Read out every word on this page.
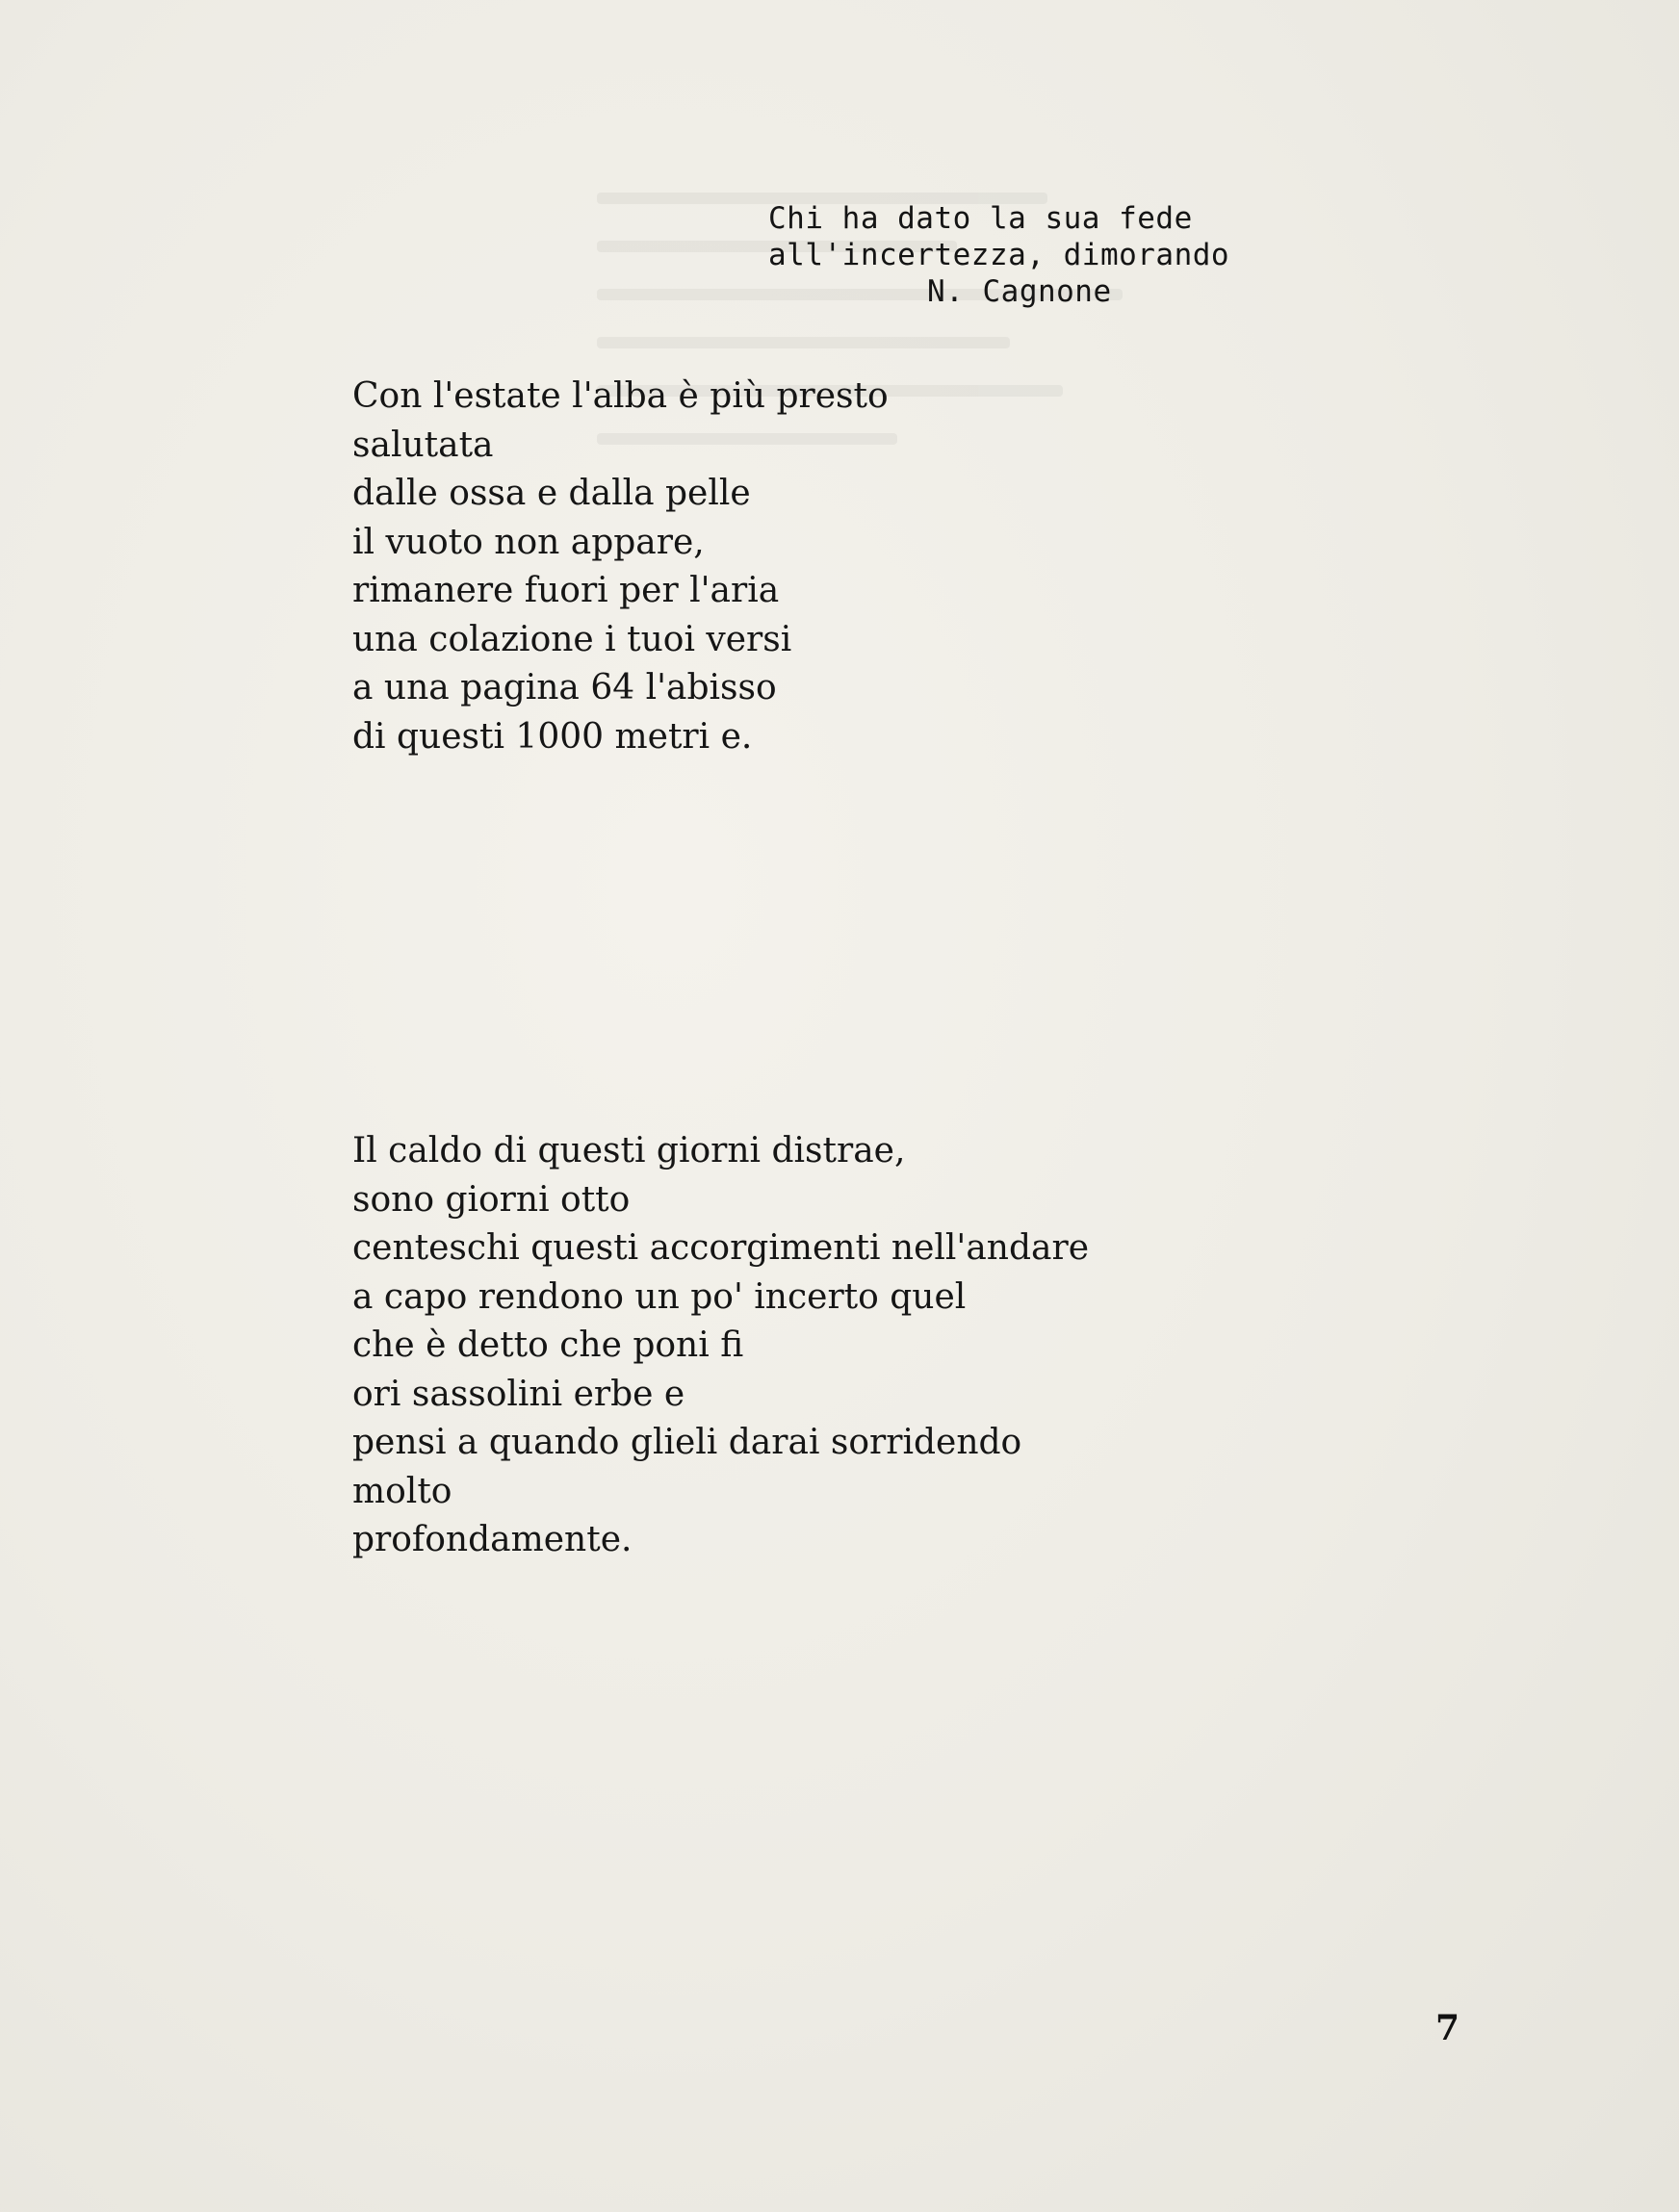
Chi ha dato la sua fede
all'incertezza, dimorando
N. Cagnone
Con l'estate l'alba è più presto
salutata
dalle ossa e dalla pelle
il vuoto non appare,
rimanere fuori per l'aria
una colazione i tuoi versi
a una pagina 64 l'abisso
di questi 1000 metri e.
Il caldo di questi giorni distrae,
sono giorni otto
centeschi questi accorgimenti nell'andare
a capo rendono un po' incerto quel
che è detto che poni fi
ori sassolini erbe e
pensi a quando glieli darai sorridendo
molto
profondamente.
7
